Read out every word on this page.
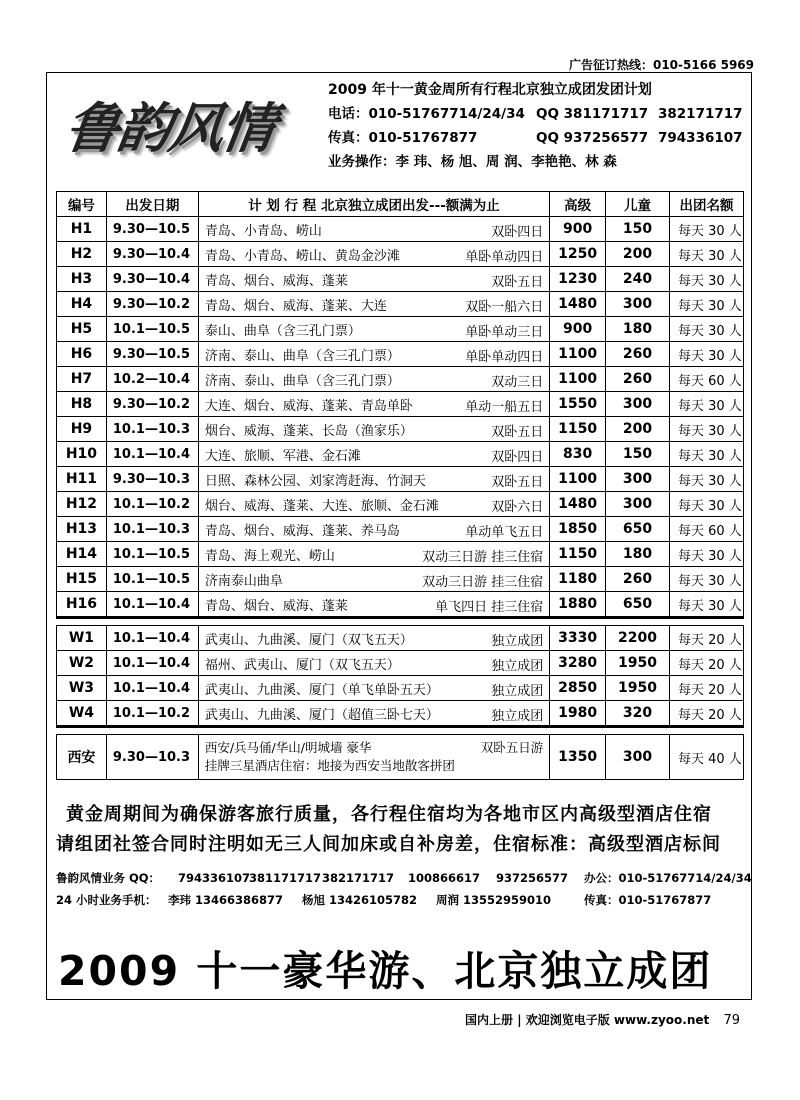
广告征订热线：010-5166 5969
鲁韵风情
2009 年十一黄金周所有行程北京独立成团发团计划
电话：010-51767714/24/34 QQ 381171717 382171717
传真：010-51767877	QQ 937256577 794336107
业务操作：李 玮、杨 旭、周 润、李艳艳、林 森
编号	出发日期	计 划 行 程 北京独立成团出发---额满为止	高级	儿童	出团名额
H1	9.30—10.5	青岛、小青岛、崂山 双卧四日	900	150	每天 30 人
H2	9.30—10.4	青岛、小青岛、崂山、黄岛金沙滩 单卧单动四日	1250	200	每天 30 人
H3	9.30—10.4	青岛、烟台、威海、蓬莱 双卧五日	1230	240	每天 30 人
H4	9.30—10.2	青岛、烟台、威海、蓬莱、大连 双卧一船六日	1480	300	每天 30 人
H5	10.1—10.5	泰山、曲阜（含三孔门票） 单卧单动三日	900	180	每天 30 人
H6	9.30—10.5	济南、泰山、曲阜（含三孔门票） 单卧单动四日	1100	260	每天 30 人
H7	10.2—10.4	济南、泰山、曲阜（含三孔门票） 双动三日	1100	260	每天 60 人
H8	9.30—10.2	大连、烟台、威海、蓬莱、青岛单卧 单动一船五日	1550	300	每天 30 人
H9	10.1—10.3	烟台、威海、蓬莱、长岛（渔家乐） 双卧五日	1150	200	每天 30 人
H10	10.1—10.4	大连、旅顺、军港、金石滩 双卧四日	830	150	每天 30 人
H11	9.30—10.3	日照、森林公园、刘家湾赶海、竹洞天 双卧五日	1100	300	每天 30 人
H12	10.1—10.2	烟台、威海、蓬莱、大连、旅顺、金石滩 双卧六日	1480	300	每天 30 人
H13	10.1—10.3	青岛、烟台、威海、蓬莱、养马岛 单动单飞五日	1850	650	每天 60 人
H14	10.1—10.5	青岛、海上观光、崂山 双动三日游 挂三住宿	1150	180	每天 30 人
H15	10.1—10.5	济南泰山曲阜 双动三日游 挂三住宿	1180	260	每天 30 人
H16	10.1—10.4	青岛、烟台、威海、蓬莱 单飞四日 挂三住宿	1880	650	每天 30 人

W1	10.1—10.4	武夷山、九曲溪、厦门（双飞五天） 独立成团	3330	2200	每天 20 人
W2	10.1—10.4	福州、武夷山、厦门（双飞五天） 独立成团	3280	1950	每天 20 人
W3	10.1—10.4	武夷山、九曲溪、厦门（单飞单卧五天） 独立成团	2850	1950	每天 20 人
W4	10.1—10.2	武夷山、九曲溪、厦门（超值三卧七天） 独立成团	1980	320	每天 20 人

西安	9.30—10.3	西安/兵马俑/华山/明城墙 豪华 双卧五日游
挂牌三星酒店住宿：地接为西安当地散客拼团	1350	300	每天 40 人
黄金周期间为确保游客旅行质量，各行程住宿均为各地市区内高级型酒店住宿
请组团社签合同时注明如无三人间加床或自补房差，住宿标准：高级型酒店标间
鲁韵风情业务 QQ： 794336107
381171717 382171717 100866617 937256577 办公：010-51767714/24/34
24 小时业务手机： 李玮 13466386877 杨旭 13426105782 周润 13552959010	传真：010-51767877
2009 十一豪华游、北京独立成团
国内上册 | 欢迎浏览电子版 www.zyoo.net 79
